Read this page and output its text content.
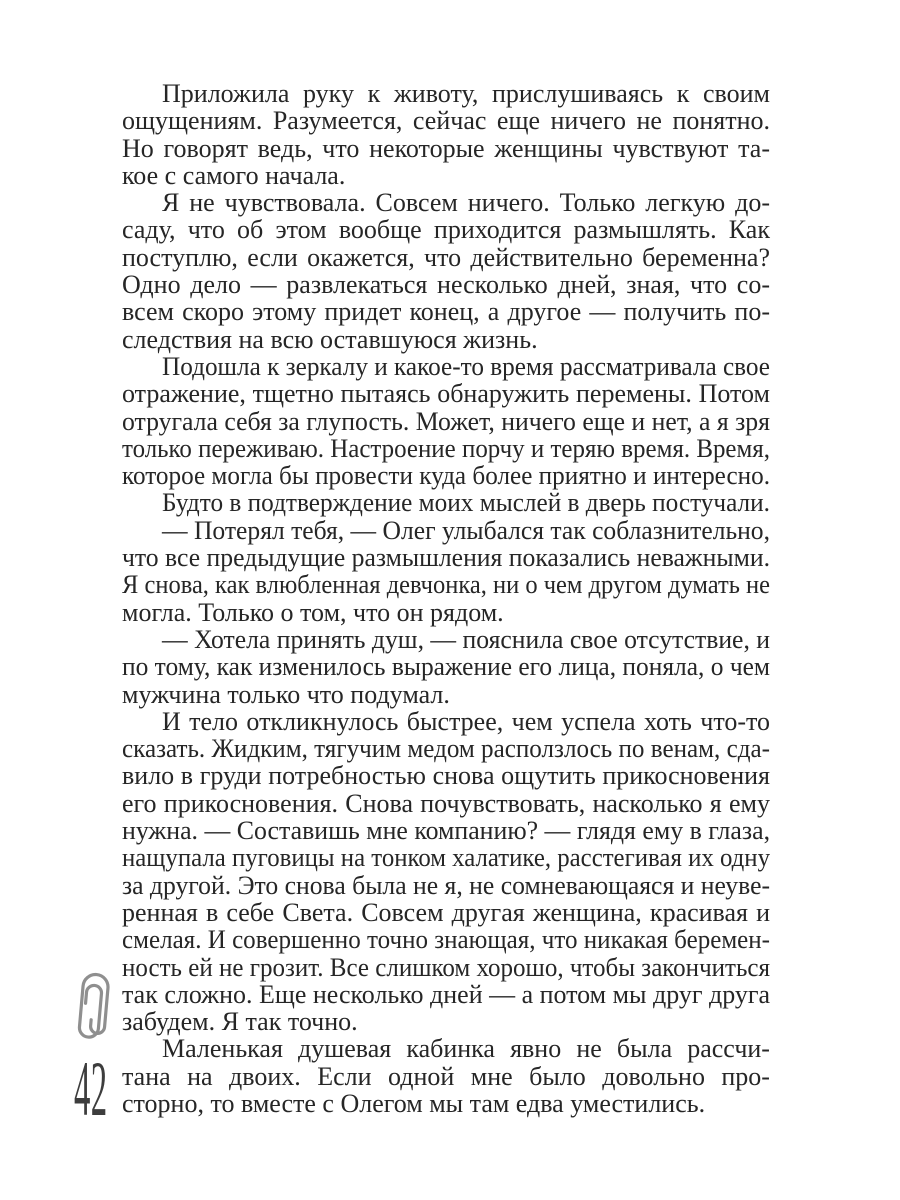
Приложила руку к животу, прислушиваясь к своим
ощущениям. Разумеется, сейчас еще ничего не понятно.
Но говорят ведь, что некоторые женщины чувствуют та-
кое с самого начала.
Я не чувствовала. Совсем ничего. Только легкую до-
саду, что об этом вообще приходится размышлять. Как
поступлю, если окажется, что действительно беременна?
Одно дело — развлекаться несколько дней, зная, что со-
всем скоро этому придет конец, а другое — получить по-
следствия на всю оставшуюся жизнь.
Подошла к зеркалу и какое-то время рассматривала свое
отражение, тщетно пытаясь обнаружить перемены. Потом
отругала себя за глупость. Может, ничего еще и нет, а я зря
только переживаю. Настроение порчу и теряю время. Время,
которое могла бы провести куда более приятно и интересно.
Будто в подтверждение моих мыслей в дверь постучали.
— Потерял тебя, — Олег улыбался так соблазнительно,
что все предыдущие размышления показались неважными.
Я снова, как влюбленная девчонка, ни о чем другом думать не
могла. Только о том, что он рядом.
— Хотела принять душ, — пояснила свое отсутствие, и
по тому, как изменилось выражение его лица, поняла, о чем
мужчина только что подумал.
И тело откликнулось быстрее, чем успела хоть что-то
сказать. Жидким, тягучим медом расползлось по венам, сда-
вило в груди потребностью снова ощутить прикосновения
его прикосновения. Снова почувствовать, насколько я ему
нужна. — Составишь мне компанию? — глядя ему в глаза,
нащупала пуговицы на тонком халатике, расстегивая их одну
за другой. Это снова была не я, не сомневающаяся и неуве-
ренная в себе Света. Совсем другая женщина, красивая и
смелая. И совершенно точно знающая, что никакая беремен-
ность ей не грозит. Все слишком хорошо, чтобы закончиться
так сложно. Еще несколько дней — а потом мы друг друга
забудем. Я так точно.
Маленькая душевая кабинка явно не была рассчи-
тана на двоих. Если одной мне было довольно про-
сторно, то вместе с Олегом мы там едва уместились.
42
